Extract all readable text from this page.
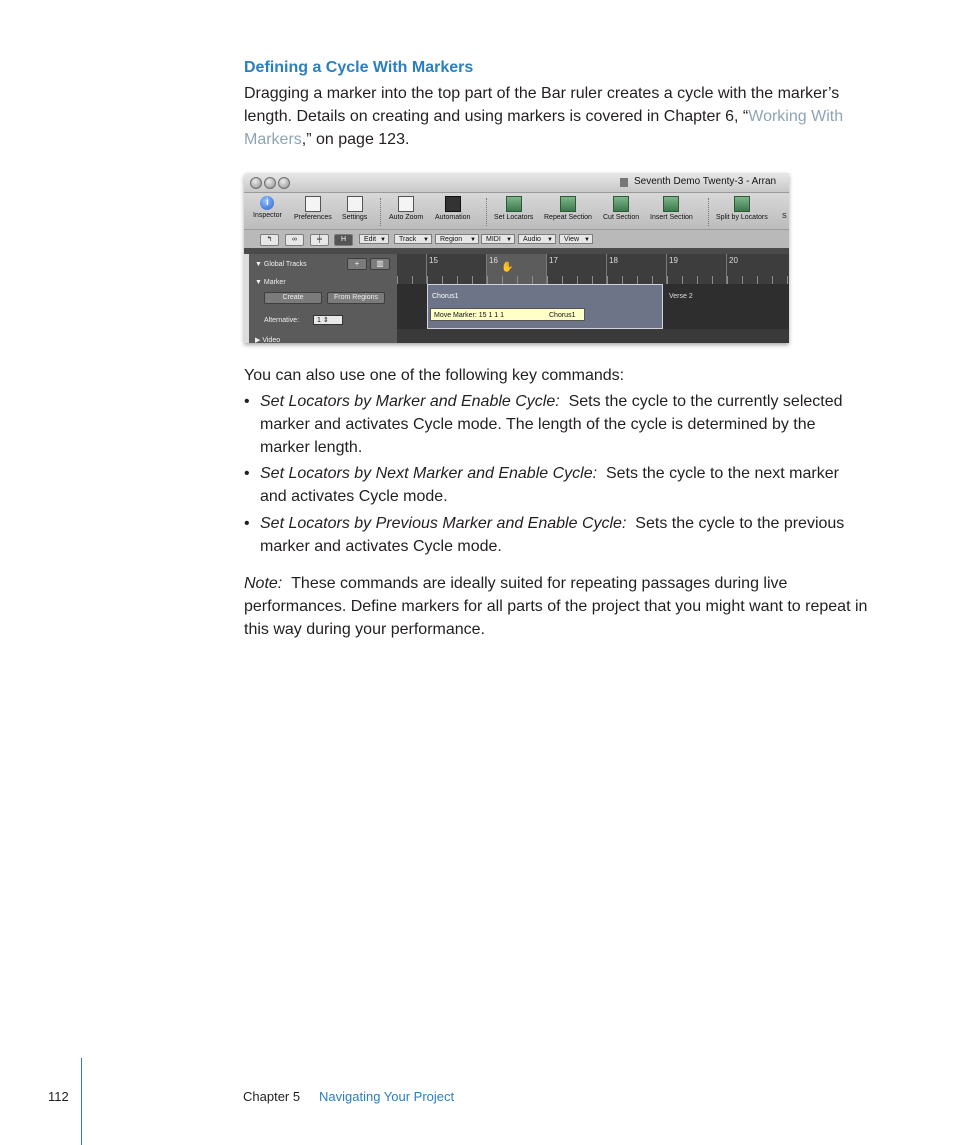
Defining a Cycle With Markers

Dragging a marker into the top part of the Bar ruler creates a cycle with the marker’s length. Details on creating and using markers is covered in Chapter 6, “Working With Markers,” on page 123.

Seventh Demo Twenty-3 - Arran
i
Inspector Preferences Settings	Auto Zoom Automation	Set Locators Repeat Section Cut Section Insert Section	Split by Locators S
↰	∞	╪	H	Edit ▼	Track ▼	Region ▼	MIDI ▼	Audio ▼	View ▼
▼ Global Tracks	+	▥
▼ Marker
Create	From Regions
Alternative:	1 ⇕
▶ Video
15	16	17	18	19	20
✋
Chorus1
Move Marker: 15 1 1 1	Chorus1
Verse 2

You can also use one of the following key commands:

• Set Locators by Marker and Enable Cycle: Sets the cycle to the currently selected marker and activates Cycle mode. The length of the cycle is determined by the marker length.
• Set Locators by Next Marker and Enable Cycle: Sets the cycle to the next marker and activates Cycle mode.
• Set Locators by Previous Marker and Enable Cycle: Sets the cycle to the previous marker and activates Cycle mode.

Note: These commands are ideally suited for repeating passages during live performances. Define markers for all parts of the project that you might want to repeat in this way during your performance.

112	Chapter 5 Navigating Your Project
